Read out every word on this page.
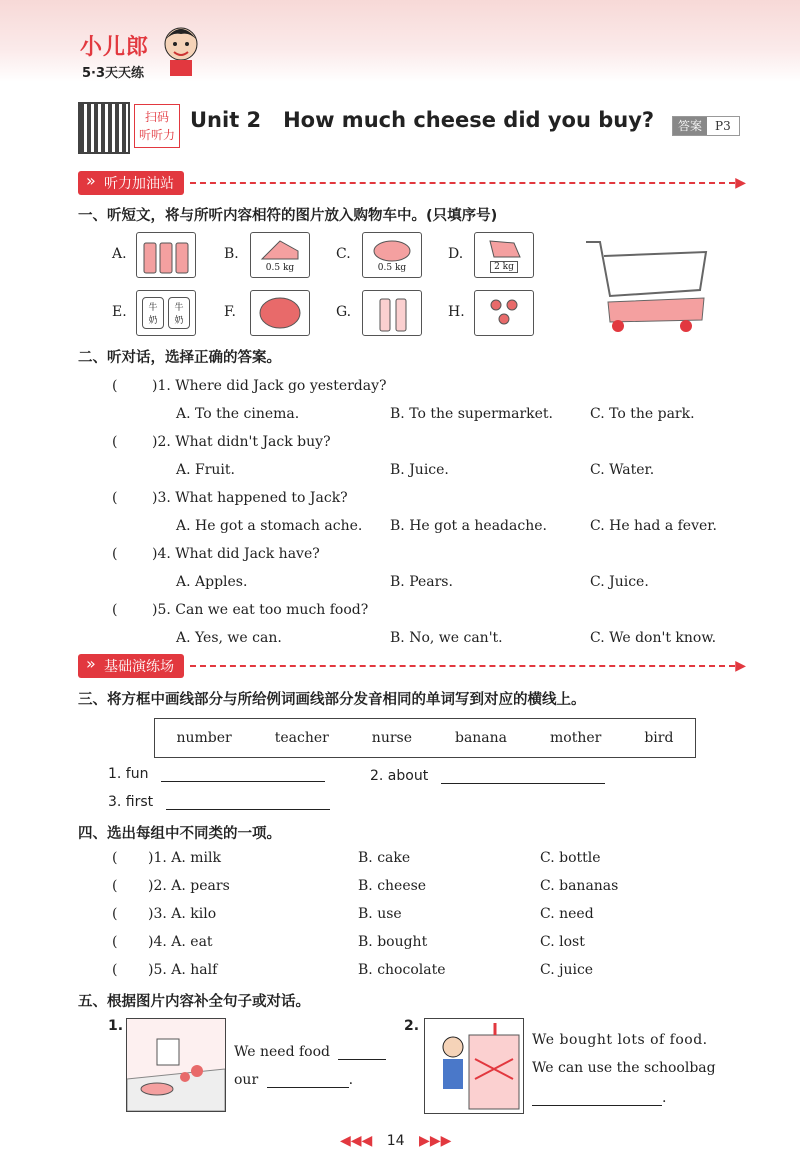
小儿郎
5·3天天练
扫码
听听力
Unit 2   How much cheese did you buy?	答案	P3
» 听力加油站	▶
一、听短文，将与所听内容相符的图片放入购物车中。(只填序号)
A.	B.
0.5 kg
C.
0.5 kg
D.
2 kg
E.	牛奶
牛奶
F.	G.	H.
二、听对话，选择正确的答案。
( )1. Where did Jack go yesterday?
A. To the cinema.	B. To the supermarket.	C. To the park.
( )2. What didn't Jack buy?
A. Fruit.	B. Juice.	C. Water.
( )3. What happened to Jack?
A. He got a stomach ache. B. He got a headache.	C. He had a fever.
( )4. What did Jack have?
A. Apples.	B. Pears.	C. Juice.
( )5. Can we eat too much food?
A. Yes, we can.	B. No, we can't.	C. We don't know.
» 基础演练场	▶
三、将方框中画线部分与所给例词画线部分发音相同的单词写到对应的横线上。
number	teacher	nurse	banana	mother	bird
1. fun	2. about
3. first
四、选出每组中不同类的一项。
( )1. A. milk	B. cake	C. bottle
( )2. A. pears	B. cheese	C. bananas
( )3. A. kilo	B. use	C. need
( )4. A. eat	B. bought	C. lost
( )5. A. half	B. chocolate	C. juice
五、根据图片内容补全句子或对话。
1.
We need food
our	.
2.
We bought lots of food.
We can use the schoolbag
.
◀◀◀ 14 ▶▶▶
